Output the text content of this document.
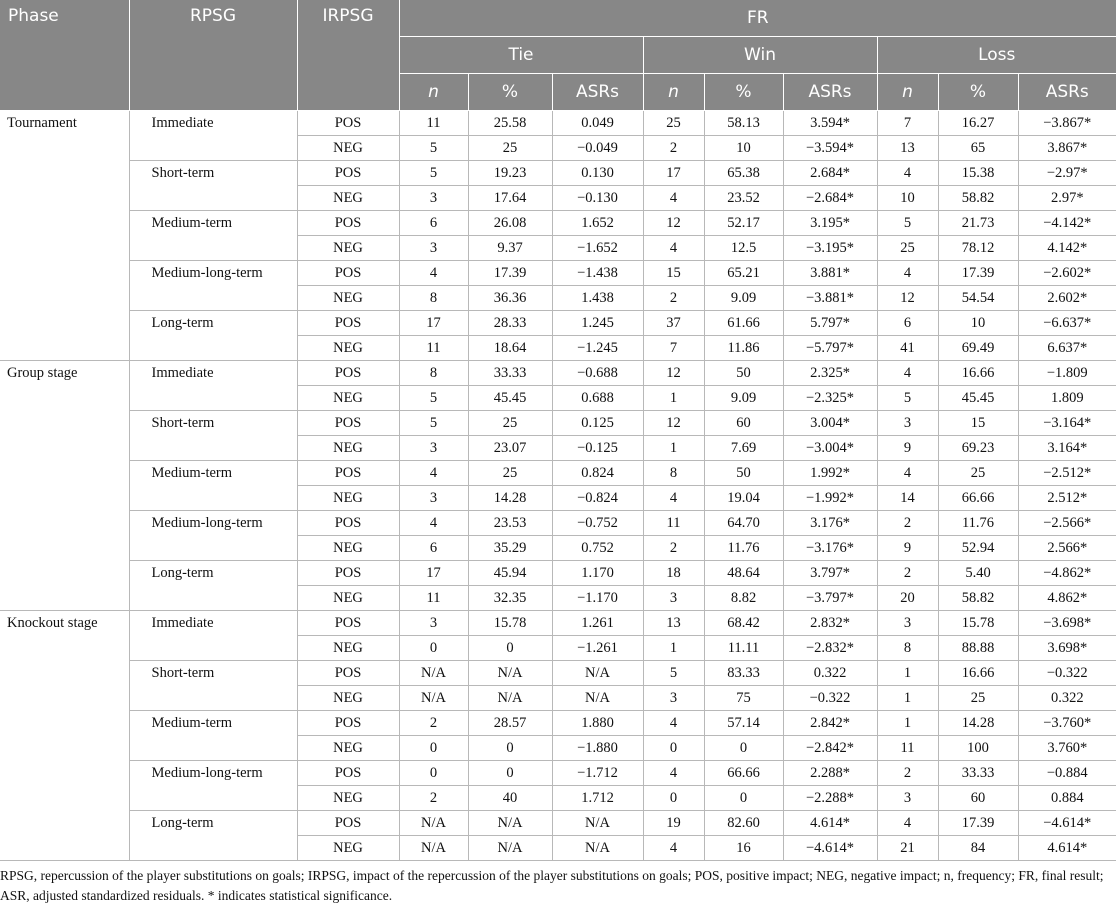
Phase	RPSG	IRPSG	FR								
			Tie			Win			Loss		
			n	%	ASRs	n	%	ASRs	n	%	ASRs
Tournament	Immediate	POS	11	25.58	0.049	25	58.13	3.594*	7	16.27	−3.867*
		NEG	5	25	−0.049	2	10	−3.594*	13	65	3.867*
	Short-term	POS	5	19.23	0.130	17	65.38	2.684*	4	15.38	−2.97*
		NEG	3	17.64	−0.130	4	23.52	−2.684*	10	58.82	2.97*
	Medium-term	POS	6	26.08	1.652	12	52.17	3.195*	5	21.73	−4.142*
		NEG	3	9.37	−1.652	4	12.5	−3.195*	25	78.12	4.142*
	Medium-long-term	POS	4	17.39	−1.438	15	65.21	3.881*	4	17.39	−2.602*
		NEG	8	36.36	1.438	2	9.09	−3.881*	12	54.54	2.602*
	Long-term	POS	17	28.33	1.245	37	61.66	5.797*	6	10	−6.637*
		NEG	11	18.64	−1.245	7	11.86	−5.797*	41	69.49	6.637*
Group stage	Immediate	POS	8	33.33	−0.688	12	50	2.325*	4	16.66	−1.809
		NEG	5	45.45	0.688	1	9.09	−2.325*	5	45.45	1.809
	Short-term	POS	5	25	0.125	12	60	3.004*	3	15	−3.164*
		NEG	3	23.07	−0.125	1	7.69	−3.004*	9	69.23	3.164*
	Medium-term	POS	4	25	0.824	8	50	1.992*	4	25	−2.512*
		NEG	3	14.28	−0.824	4	19.04	−1.992*	14	66.66	2.512*
	Medium-long-term	POS	4	23.53	−0.752	11	64.70	3.176*	2	11.76	−2.566*
		NEG	6	35.29	0.752	2	11.76	−3.176*	9	52.94	2.566*
	Long-term	POS	17	45.94	1.170	18	48.64	3.797*	2	5.40	−4.862*
		NEG	11	32.35	−1.170	3	8.82	−3.797*	20	58.82	4.862*
Knockout stage	Immediate	POS	3	15.78	1.261	13	68.42	2.832*	3	15.78	−3.698*
		NEG	0	0	−1.261	1	11.11	−2.832*	8	88.88	3.698*
	Short-term	POS	N/A	N/A	N/A	5	83.33	0.322	1	16.66	−0.322
		NEG	N/A	N/A	N/A	3	75	−0.322	1	25	0.322
	Medium-term	POS	2	28.57	1.880	4	57.14	2.842*	1	14.28	−3.760*
		NEG	0	0	−1.880	0	0	−2.842*	11	100	3.760*
	Medium-long-term	POS	0	0	−1.712	4	66.66	2.288*	2	33.33	−0.884
		NEG	2	40	1.712	0	0	−2.288*	3	60	0.884
	Long-term	POS	N/A	N/A	N/A	19	82.60	4.614*	4	17.39	−4.614*
		NEG	N/A	N/A	N/A	4	16	−4.614*	21	84	4.614*

RPSG, repercussion of the player substitutions on goals; IRPSG, impact of the repercussion of the player substitutions on goals; POS, positive impact; NEG, negative impact; n, frequency; FR, final result; ASR, adjusted standardized residuals. * indicates statistical significance.
